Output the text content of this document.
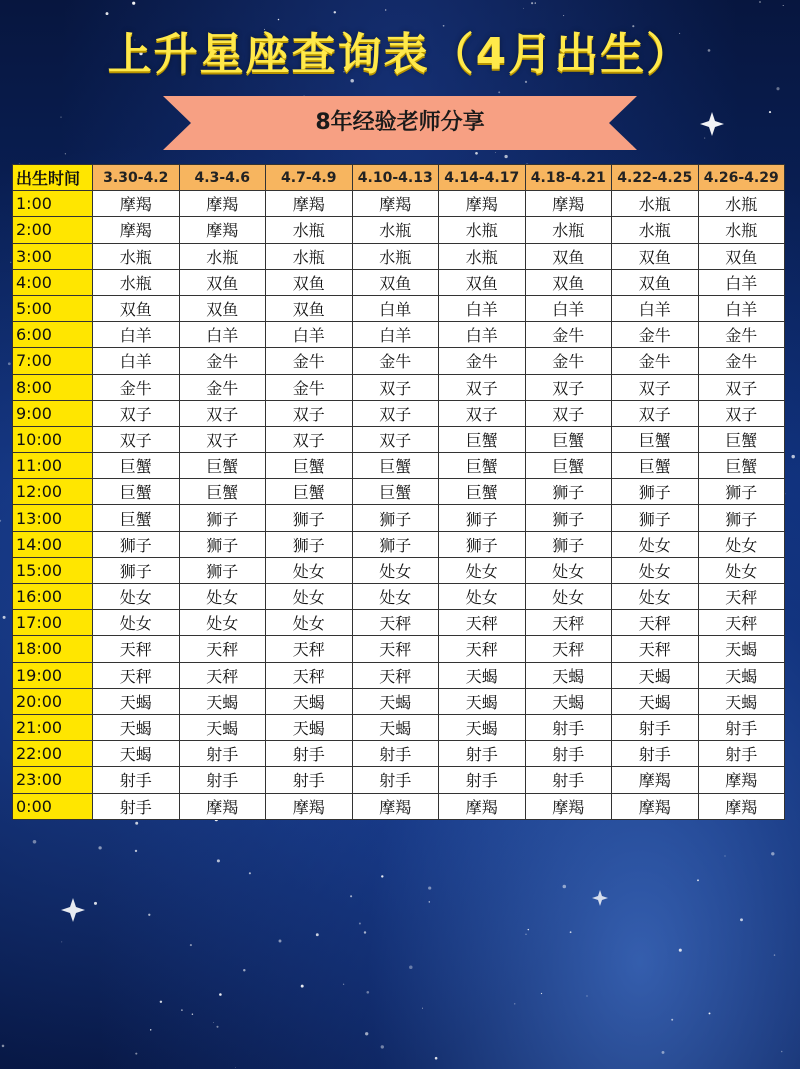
上升星座查询表（4月出生）
8年经验老师分享
出生时间	3.30-4.2	4.3-4.6	4.7-4.9	4.10-4.13	4.14-4.17	4.18-4.21	4.22-4.25	4.26-4.29
1:00	摩羯	摩羯	摩羯	摩羯	摩羯	摩羯	水瓶	水瓶
2:00	摩羯	摩羯	水瓶	水瓶	水瓶	水瓶	水瓶	水瓶
3:00	水瓶	水瓶	水瓶	水瓶	水瓶	双鱼	双鱼	双鱼
4:00	水瓶	双鱼	双鱼	双鱼	双鱼	双鱼	双鱼	白羊
5:00	双鱼	双鱼	双鱼	白单	白羊	白羊	白羊	白羊
6:00	白羊	白羊	白羊	白羊	白羊	金牛	金牛	金牛
7:00	白羊	金牛	金牛	金牛	金牛	金牛	金牛	金牛
8:00	金牛	金牛	金牛	双子	双子	双子	双子	双子
9:00	双子	双子	双子	双子	双子	双子	双子	双子
10:00	双子	双子	双子	双子	巨蟹	巨蟹	巨蟹	巨蟹
11:00	巨蟹	巨蟹	巨蟹	巨蟹	巨蟹	巨蟹	巨蟹	巨蟹
12:00	巨蟹	巨蟹	巨蟹	巨蟹	巨蟹	狮子	狮子	狮子
13:00	巨蟹	狮子	狮子	狮子	狮子	狮子	狮子	狮子
14:00	狮子	狮子	狮子	狮子	狮子	狮子	处女	处女
15:00	狮子	狮子	处女	处女	处女	处女	处女	处女
16:00	处女	处女	处女	处女	处女	处女	处女	天秤
17:00	处女	处女	处女	天秤	天秤	天秤	天秤	天秤
18:00	天秤	天秤	天秤	天秤	天秤	天秤	天秤	天蝎
19:00	天秤	天秤	天秤	天秤	天蝎	天蝎	天蝎	天蝎
20:00	天蝎	天蝎	天蝎	天蝎	天蝎	天蝎	天蝎	天蝎
21:00	天蝎	天蝎	天蝎	天蝎	天蝎	射手	射手	射手
22:00	天蝎	射手	射手	射手	射手	射手	射手	射手
23:00	射手	射手	射手	射手	射手	射手	摩羯	摩羯
0:00	射手	摩羯	摩羯	摩羯	摩羯	摩羯	摩羯	摩羯
